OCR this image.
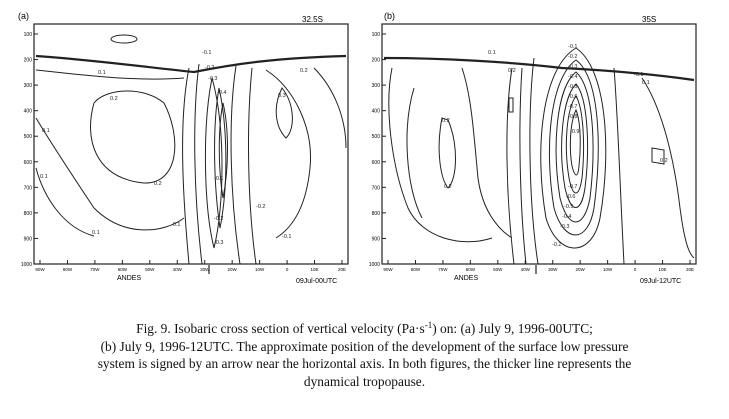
(a)	32.5S
100
200
300
400
500
600
700
800
900
1000
90W	80W	70W	60W	50W	40W	30W	20W	10W	0	10E	20E
0.1
-0.1
0.2
-0.2
-0.3
-0.4
0.2
0.1
0.3
0.2
-0.1
-0.2
-0.3
-0.1
-0.2
-0.1
0.1
0.1
ANDES	09Jul-00UTC
(b)	35S
100
200
300
400
500
600
700
800
900
1000
90W	80W	70W	60W	50W	40W	30W	20W	10W	0	10E	20E
0.1
0.2
-0.1
-0.2
-0.3
-0.4
-0.5
-0.6
-0.7
-0.8
-0.9
-0.7
-0.6
-0.5
-0.4
-0.3
-0.2
-0.1
0.1
0.2
0.2
0.2
ANDES	09Jul-12UTC
Fig. 9. Isobaric cross section of vertical velocity $(Pa\cdot s^{-1})$ on: (a) July 9, 1996-00UTC;
(b) July 9, 1996-12UTC. The approximate position of the development of the surface low pressure
system is signed by an arrow near the horizontal axis. In both figures, the thicker line represents the
dynamical tropopause.
